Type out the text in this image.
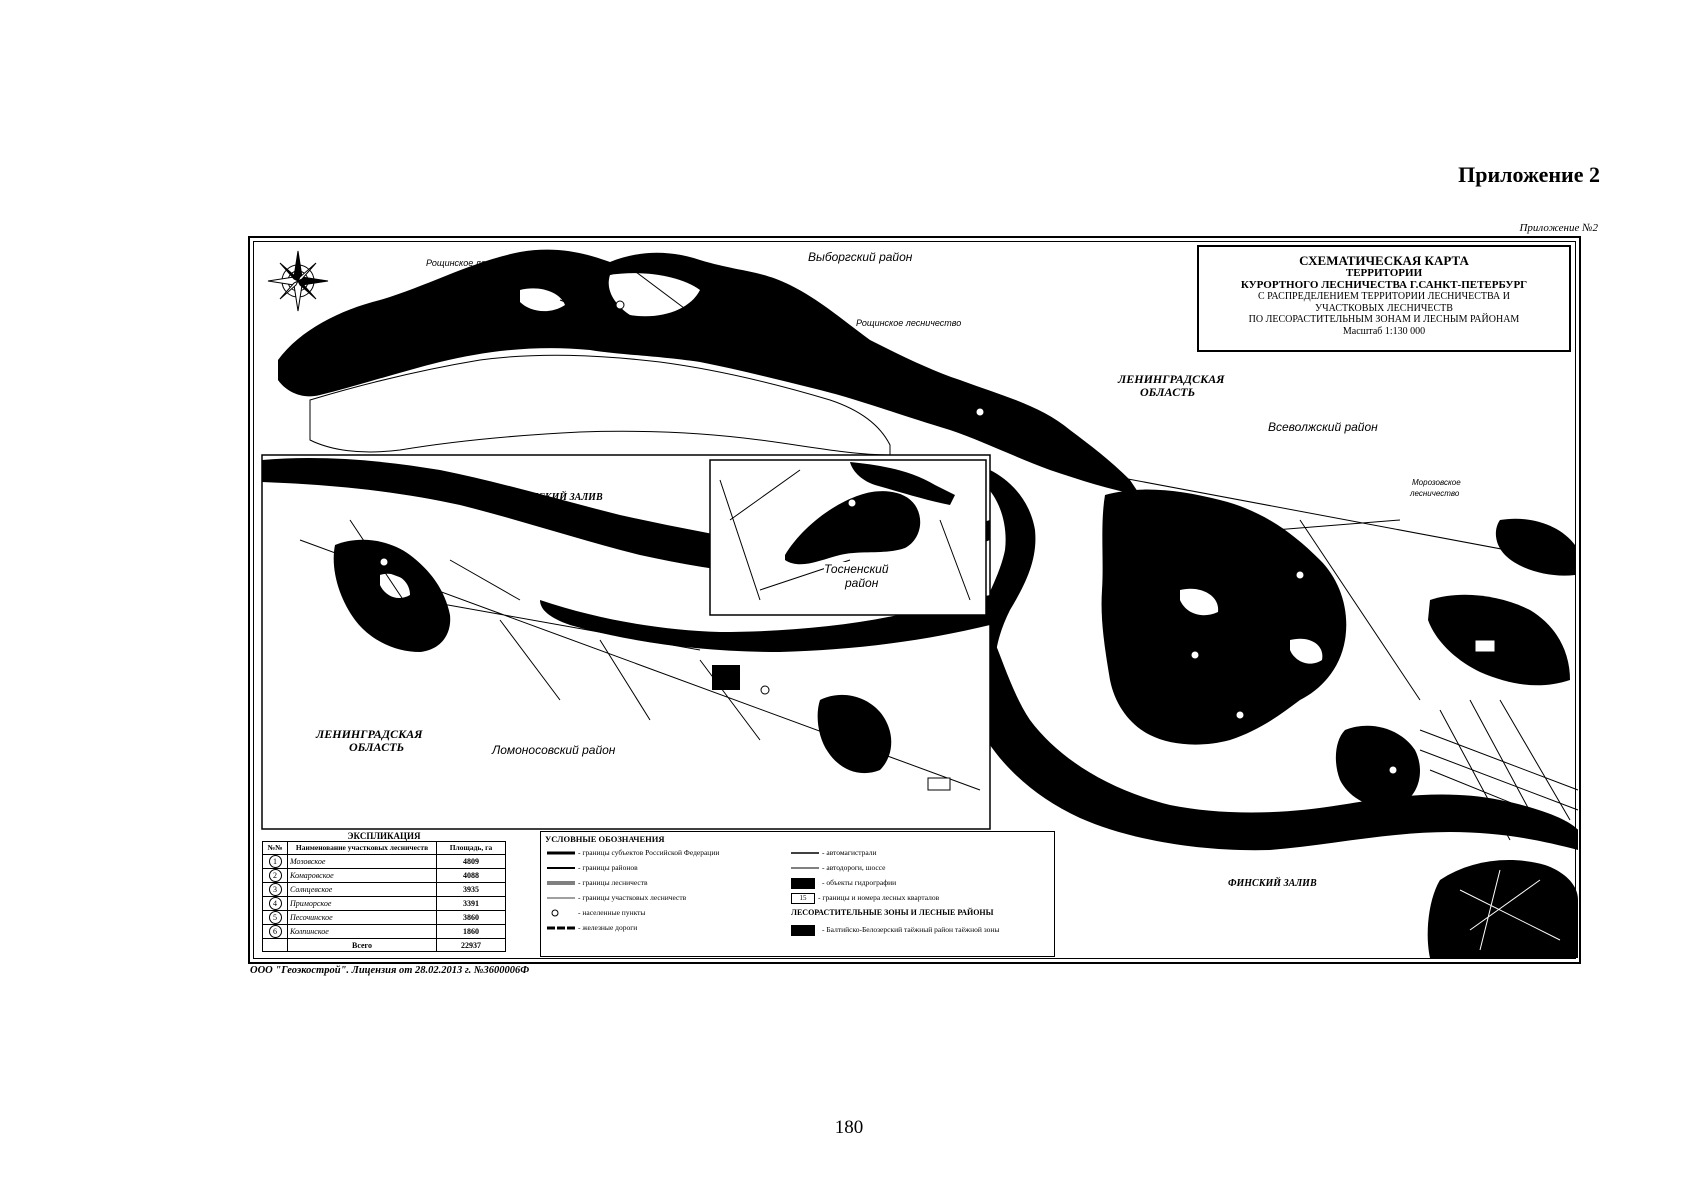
Приложение 2
Приложение №2
Рощинское лесничество	Выборгский район
Рощинское лесничество
ЛЕНИНГРАДСКАЯ
ОБЛАСТЬ
Всеволжский район
Морозовское
лесничество
ФИНСКИЙ ЗАЛИВ
ФИНСКИЙ ЗАЛИВ
Тосненский
район
ЛЕНИНГРАДСКАЯ
ОБЛАСТЬ	Ломоносовский район
СХЕМАТИЧЕСКАЯ КАРТА
ТЕРРИТОРИИ
КУРОРТНОГО ЛЕСНИЧЕСТВА Г.САНКТ-ПЕТЕРБУРГ
С РАСПРЕДЕЛЕНИЕМ ТЕРРИТОРИИ ЛЕСНИЧЕСТВА И
УЧАСТКОВЫХ ЛЕСНИЧЕСТВ
ПО ЛЕСОРАСТИТЕЛЬНЫМ ЗОНАМ И ЛЕСНЫМ РАЙОНАМ
Масштаб 1:130 000
ЭКСПЛИКАЦИЯ
№№	Наименование участковых лесничеств	Площадь, га
1	Мозовское	4809
2	Комаровское	4088
3	Солнцевское	3935
4	Приморское	3391
5	Песочинское	3860
6	Колпинское	1860
	Всего	22937
УСЛОВНЫЕ ОБОЗНАЧЕНИЯ
- границы субъектов Российской Федерации
- границы районов
- границы лесничеств
- границы участковых лесничеств
- населенные пункты
- железные дороги
- автомагистрали
- автодороги, шоссе
- объекты гидрографии
15 - границы и номера лесных кварталов
ЛЕСОРАСТИТЕЛЬНЫЕ ЗОНЫ И ЛЕСНЫЕ РАЙОНЫ
- Балтийско-Белозерский таёжный район таёжной зоны
ООО "Геоэкострой". Лицензия от 28.02.2013 г. №3600006Ф
180
